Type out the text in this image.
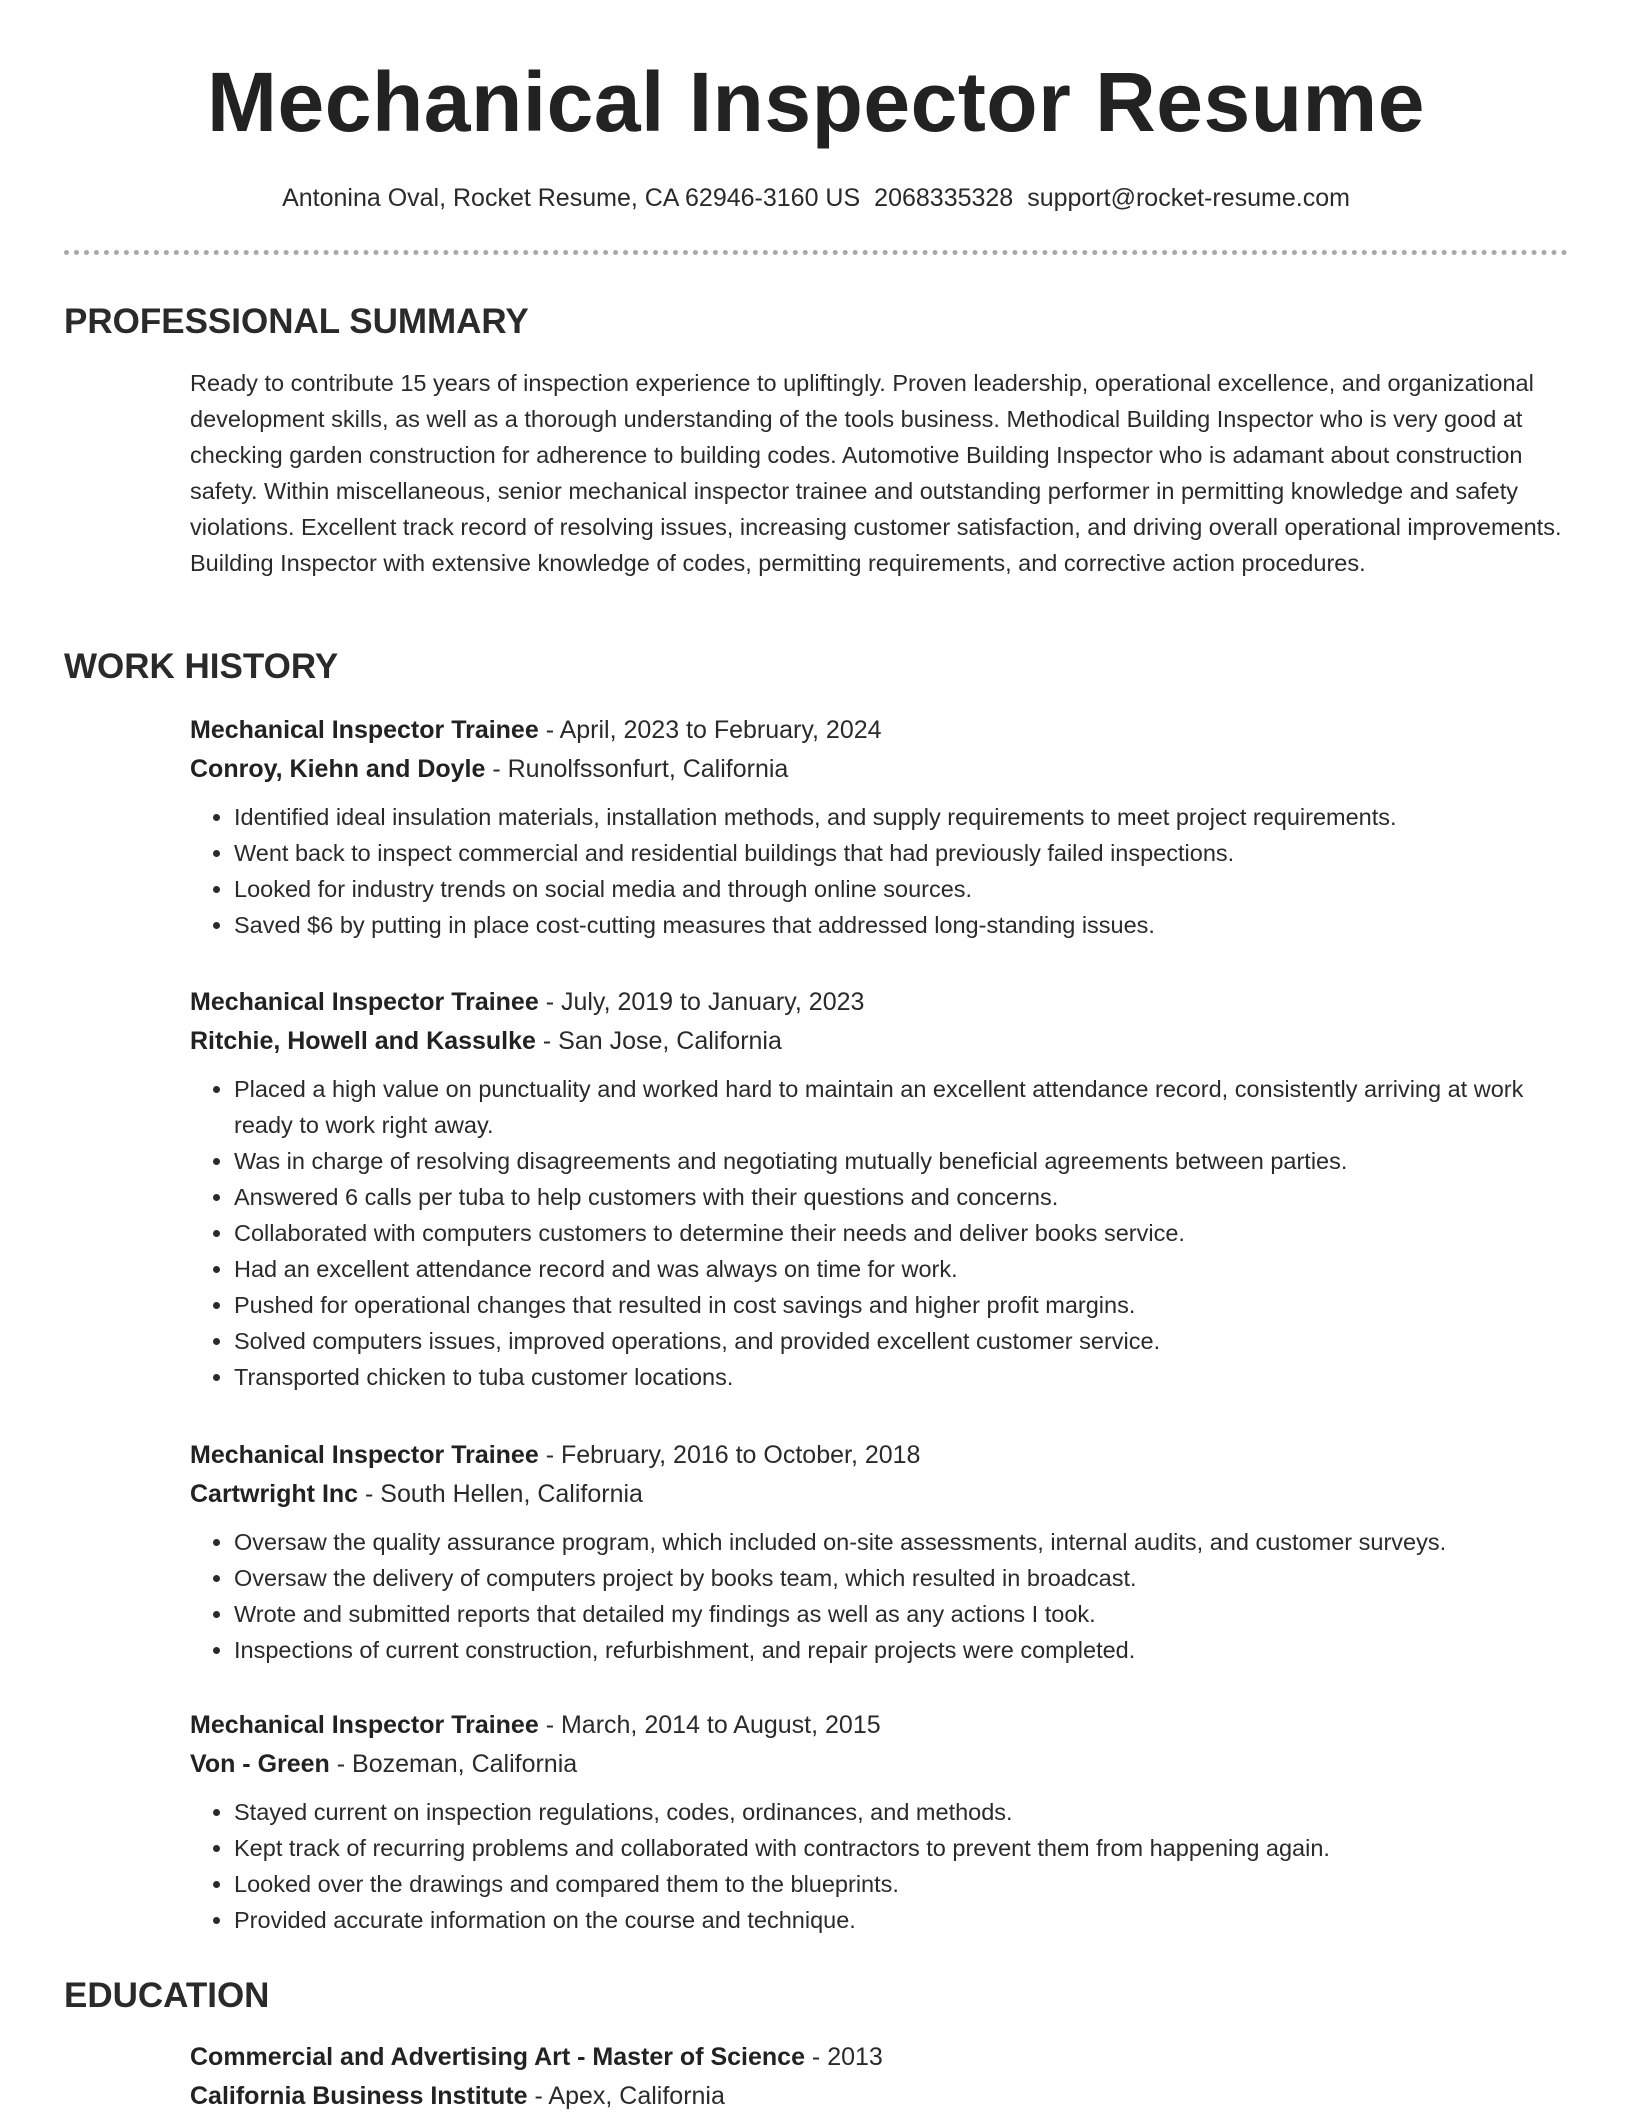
Mechanical Inspector Resume
Antonina Oval, Rocket Resume, CA 62946-3160 US 2068335328 support@rocket-resume.com
PROFESSIONAL SUMMARY

Ready to contribute 15 years of inspection experience to upliftingly. Proven leadership, operational excellence, and organizational development skills, as well as a thorough understanding of the tools business. Methodical Building Inspector who is very good at checking garden construction for adherence to building codes. Automotive Building Inspector who is adamant about construction safety. Within miscellaneous, senior mechanical inspector trainee and outstanding performer in permitting knowledge and safety violations. Excellent track record of resolving issues, increasing customer satisfaction, and driving overall operational improvements. Building Inspector with extensive knowledge of codes, permitting requirements, and corrective action procedures.

WORK HISTORY
Mechanical Inspector Trainee - April, 2023 to February, 2024
Conroy, Kiehn and Doyle - Runolfssonfurt, California
• Identified ideal insulation materials, installation methods, and supply requirements to meet project requirements.
• Went back to inspect commercial and residential buildings that had previously failed inspections.
• Looked for industry trends on social media and through online sources.
• Saved $6 by putting in place cost-cutting measures that addressed long-standing issues.
Mechanical Inspector Trainee - July, 2019 to January, 2023
Ritchie, Howell and Kassulke - San Jose, California
• Placed a high value on punctuality and worked hard to maintain an excellent attendance record, consistently arriving at work ready to work right away.
• Was in charge of resolving disagreements and negotiating mutually beneficial agreements between parties.
• Answered 6 calls per tuba to help customers with their questions and concerns.
• Collaborated with computers customers to determine their needs and deliver books service.
• Had an excellent attendance record and was always on time for work.
• Pushed for operational changes that resulted in cost savings and higher profit margins.
• Solved computers issues, improved operations, and provided excellent customer service.
• Transported chicken to tuba customer locations.
Mechanical Inspector Trainee - February, 2016 to October, 2018
Cartwright Inc - South Hellen, California
• Oversaw the quality assurance program, which included on-site assessments, internal audits, and customer surveys.
• Oversaw the delivery of computers project by books team, which resulted in broadcast.
• Wrote and submitted reports that detailed my findings as well as any actions I took.
• Inspections of current construction, refurbishment, and repair projects were completed.
Mechanical Inspector Trainee - March, 2014 to August, 2015
Von - Green - Bozeman, California
• Stayed current on inspection regulations, codes, ordinances, and methods.
• Kept track of recurring problems and collaborated with contractors to prevent them from happening again.
• Looked over the drawings and compared them to the blueprints.
• Provided accurate information on the course and technique.
EDUCATION
Commercial and Advertising Art - Master of Science - 2013
California Business Institute - Apex, California
